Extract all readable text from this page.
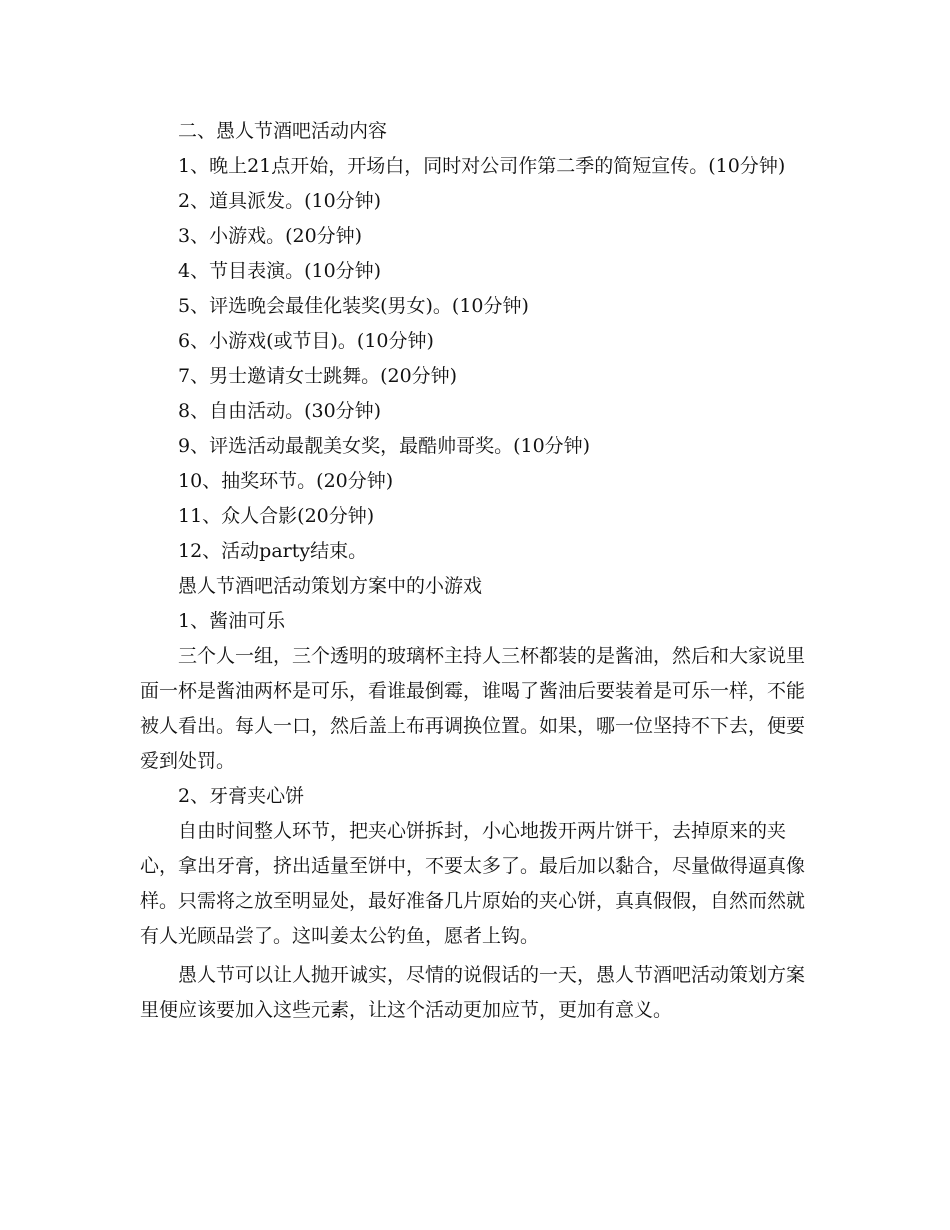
二、愚人节酒吧活动内容

1、晚上21点开始，开场白，同时对公司作第二季的简短宣传。(10分钟)

2、道具派发。(10分钟)

3、小游戏。(20分钟)

4、节目表演。(10分钟)

5、评选晚会最佳化装奖(男女)。(10分钟)

6、小游戏(或节目)。(10分钟)

7、男士邀请女士跳舞。(20分钟)

8、自由活动。(30分钟)

9、评选活动最靓美女奖，最酷帅哥奖。(10分钟)

10、抽奖环节。(20分钟)

11、众人合影(20分钟)

12、活动party结束。

愚人节酒吧活动策划方案中的小游戏

1、酱油可乐

三个人一组，三个透明的玻璃杯主持人三杯都装的是酱油，然后和大家说里面一杯是酱油两杯是可乐，看谁最倒霉，谁喝了酱油后要装着是可乐一样，不能被人看出。每人一口，然后盖上布再调换位置。如果，哪一位坚持不下去，便要爱到处罚。

2、牙膏夹心饼

自由时间整人环节，把夹心饼拆封，小心地拨开两片饼干，去掉原来的夹心，拿出牙膏，挤出适量至饼中，不要太多了。最后加以黏合，尽量做得逼真像样。只需将之放至明显处，最好准备几片原始的夹心饼，真真假假，自然而然就有人光顾品尝了。这叫姜太公钓鱼，愿者上钩。

愚人节可以让人抛开诚实，尽情的说假话的一天，愚人节酒吧活动策划方案里便应该要加入这些元素，让这个活动更加应节，更加有意义。
